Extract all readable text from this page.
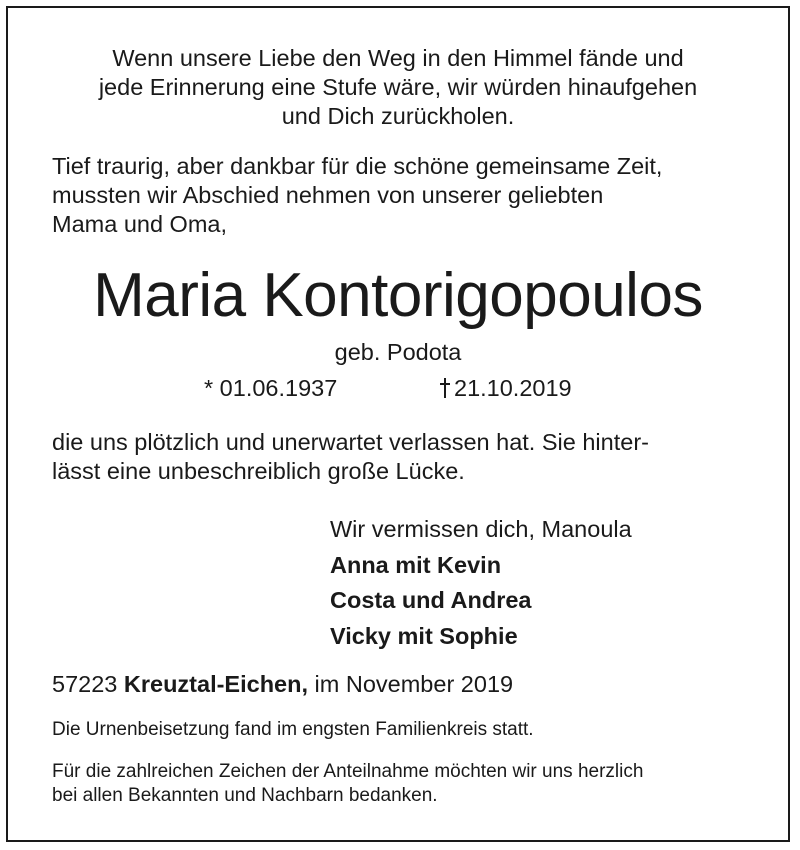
Wenn unsere Liebe den Weg in den Himmel fände und
jede Erinnerung eine Stufe wäre, wir würden hinaufgehen
und Dich zurückholen.
Tief traurig, aber dankbar für die schöne gemeinsame Zeit,
mussten wir Abschied nehmen von unserer geliebten
Mama und Oma,
Maria Kontorigopoulos
geb. Podota
* 01.06.1937	21.10.2019
die uns plötzlich und unerwartet verlassen hat. Sie hinter-
lässt eine unbeschreiblich große Lücke.
Wir vermissen dich, Manoula
Anna mit Kevin
Costa und Andrea
Vicky mit Sophie
57223 Kreuztal-Eichen, im November 2019
Die Urnenbeisetzung fand im engsten Familienkreis statt.
Für die zahlreichen Zeichen der Anteilnahme möchten wir uns herzlich
bei allen Bekannten und Nachbarn bedanken.
